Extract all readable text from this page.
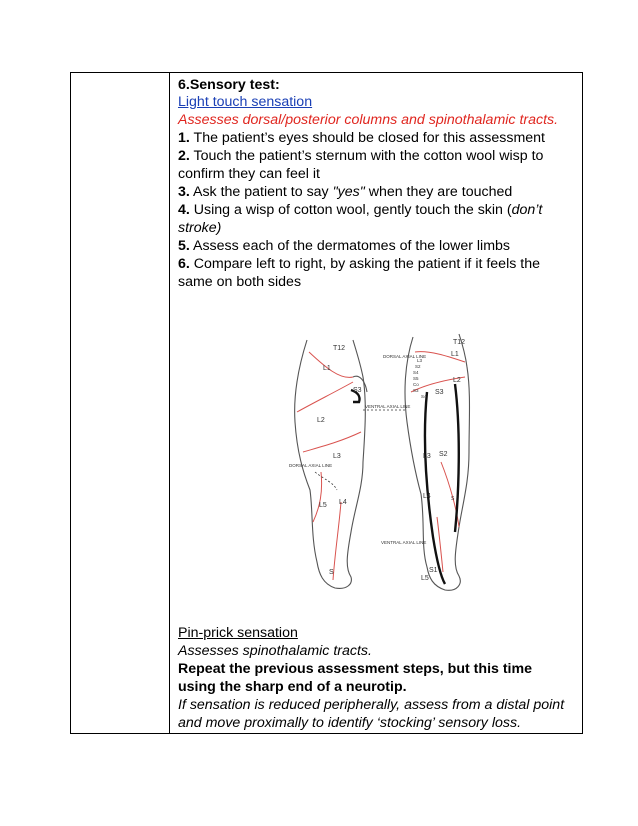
6.Sensory test:
Light touch sensation
Assesses dorsal/posterior columns and spinothalamic tracts.
1. The patient’s eyes should be closed for this assessment
2. Touch the patient’s sternum with the cotton wool wisp to
confirm they can feel it
3. Ask the patient to say "yes" when they are touched
4. Using a wisp of cotton wool, gently touch the skin (don’t
stroke)
5. Assess each of the dermatomes of the lower limbs
6. Compare left to right, by asking the patient if it feels the
same on both sides
Pin-prick sensation
Assesses spinothalamic tracts.
Repeat the previous assessment steps, but this time
using the sharp end of a neurotip.
If sensation is reduced peripherally, assess from a distal point
and move proximally to identify ‘stocking’ sensory loss.
T12
L1
L2
L3
L5 L4
S
S3
DORSAL AXIAL LINE
VENTRAL AXIAL LINE
T12
L1
L2
S3
S2
L3
L4
L5
S1
S
DORSAL AXIAL LINE
VENTRAL AXIAL LINE
L3
S2
S4
S5
Co
S3
S4
